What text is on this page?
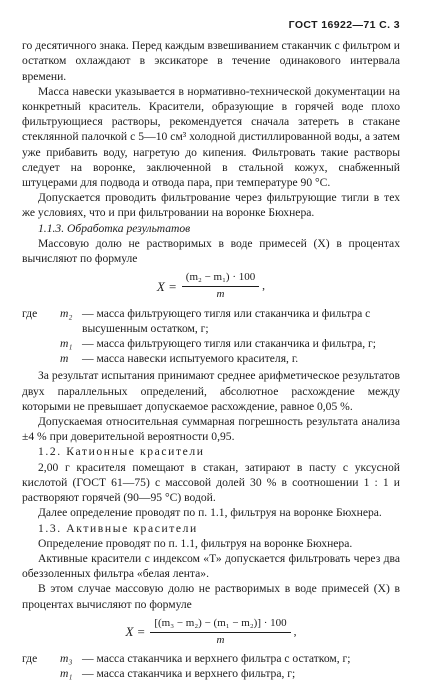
ГОСТ 16922—71 С. 3

го десятичного знака. Перед каждым взвешиванием стаканчик с фильтром и остатком охлаждают в эксикаторе в течение одинакового интервала времени.

Масса навески указывается в нормативно-технической документации на конкретный краситель. Красители, образующие в горячей воде плохо фильтрующиеся растворы, рекомендуется сначала затереть в стакане стеклянной палочкой с 5—10 см³ холодной дистиллированной воды, а затем уже прибавить воду, нагретую до кипения. Фильтровать такие растворы следует на воронке, заключенной в стальной кожух, снабженный штуцерами для подвода и отвода пара, при температуре 90 °С.

Допускается проводить фильтрование через фильтрующие тигли в тех же условиях, что и при фильтровании на воронке Бюхнера.

1.1.3. Обработка результатов

Массовую долю не растворимых в воде примесей (X) в процентах вычисляют по формуле

$X = \frac{\text{(m₂ − m₁) · 100}}{m}$ ,
где	m₂ — масса фильтрующего тигля или стаканчика и фильтра с высушенным остатком, г;
m₁ — масса фильтрующего тигля или стаканчика и фильтра, г;
m	— масса навески испытуемого красителя, г.

За результат испытания принимают среднее арифметическое результатов двух параллельных определений, абсолютное расхождение между которыми не превышает допускаемое расхождение, равное 0,05 %.

Допускаемая относительная суммарная погрешность результата анализа ±4 % при доверительной вероятности 0,95.

1.2. Катионные красители

2,00 г красителя помещают в стакан, затирают в пасту с уксусной кислотой (ГОСТ 61—75) с массовой долей 30 % в соотношении 1 : 1 и растворяют горячей (90—95 °С) водой.

Далее определение проводят по п. 1.1, фильтруя на воронке Бюхнера.

1.3. Активные красители

Определение проводят по п. 1.1, фильтруя на воронке Бюхнера.

Активные красители с индексом «Т» допускается фильтровать через два обеззоленных фильтра «белая лента».

В этом случае массовую долю не растворимых в воде примесей (X) в процентах вычисляют по формуле

$X = \frac{\text{[(m₃ − m₂) − (m₁ − m₂)] · 100}}{m}$ ,
где	m₃ — масса стаканчика и верхнего фильтра с остатком, г;
m₁ — масса стаканчика и верхнего фильтра, г;
